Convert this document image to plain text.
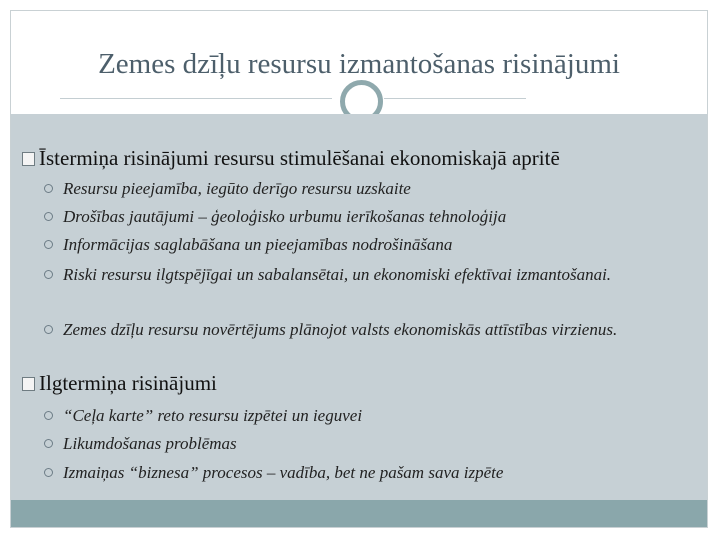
Zemes dzīļu resursu izmantošanas risinājumi
Īstermiņa risinājumi resursu stimulēšanai ekonomiskajā apritē
Resursu pieejamība, iegūto derīgo resursu uzskaite
Drošības jautājumi – ģeoloģisko urbumu ierīkošanas tehnoloģija
Informācijas saglabāšana un pieejamības nodrošināšana
Riski resursu ilgtspējīgai un sabalansētai, un ekonomiski efektīvai izmantošanai.
Zemes dzīļu resursu novērtējums plānojot valsts ekonomiskās attīstības virzienus.
Ilgtermiņa risinājumi
“Ceļa karte” reto resursu izpētei un ieguvei
Likumdošanas problēmas
Izmaiņas “biznesa” procesos – vadība, bet ne pašam sava izpēte
